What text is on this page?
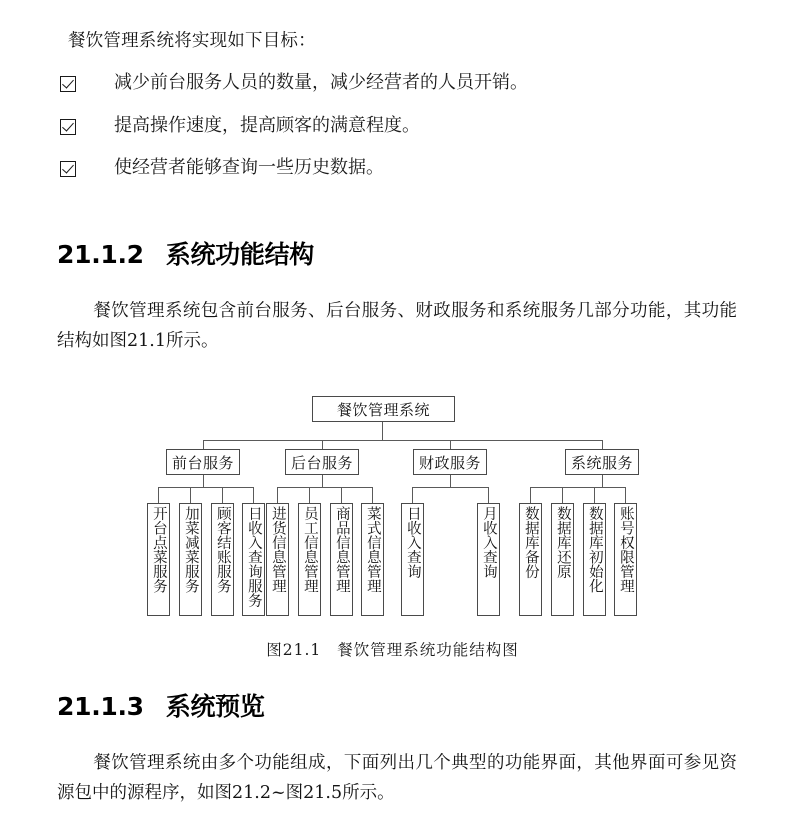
餐饮管理系统将实现如下目标：
减少前台服务人员的数量，减少经营者的人员开销。
提高操作速度，提高顾客的满意程度。
使经营者能够查询一些历史数据。
21.1.2 系统功能结构
餐饮管理系统包含前台服务、后台服务、财政服务和系统服务几部分功能，其功能结构如图21.1所示。
餐饮管理系统
前台服务	后台服务	财政服务	系统服务
开台点菜服务 加菜减菜服务 顾客结账服务 日收入查询服务 进货信息管理 员工信息管理 商品信息管理 菜式信息管理 日收入查询	月收入查询 数据库备份 数据库还原 数据库初始化 账号权限管理
图21.1 餐饮管理系统功能结构图
21.1.3 系统预览
餐饮管理系统由多个功能组成，下面列出几个典型的功能界面，其他界面可参见资源包中的源程序，如图21.2~图21.5所示。
